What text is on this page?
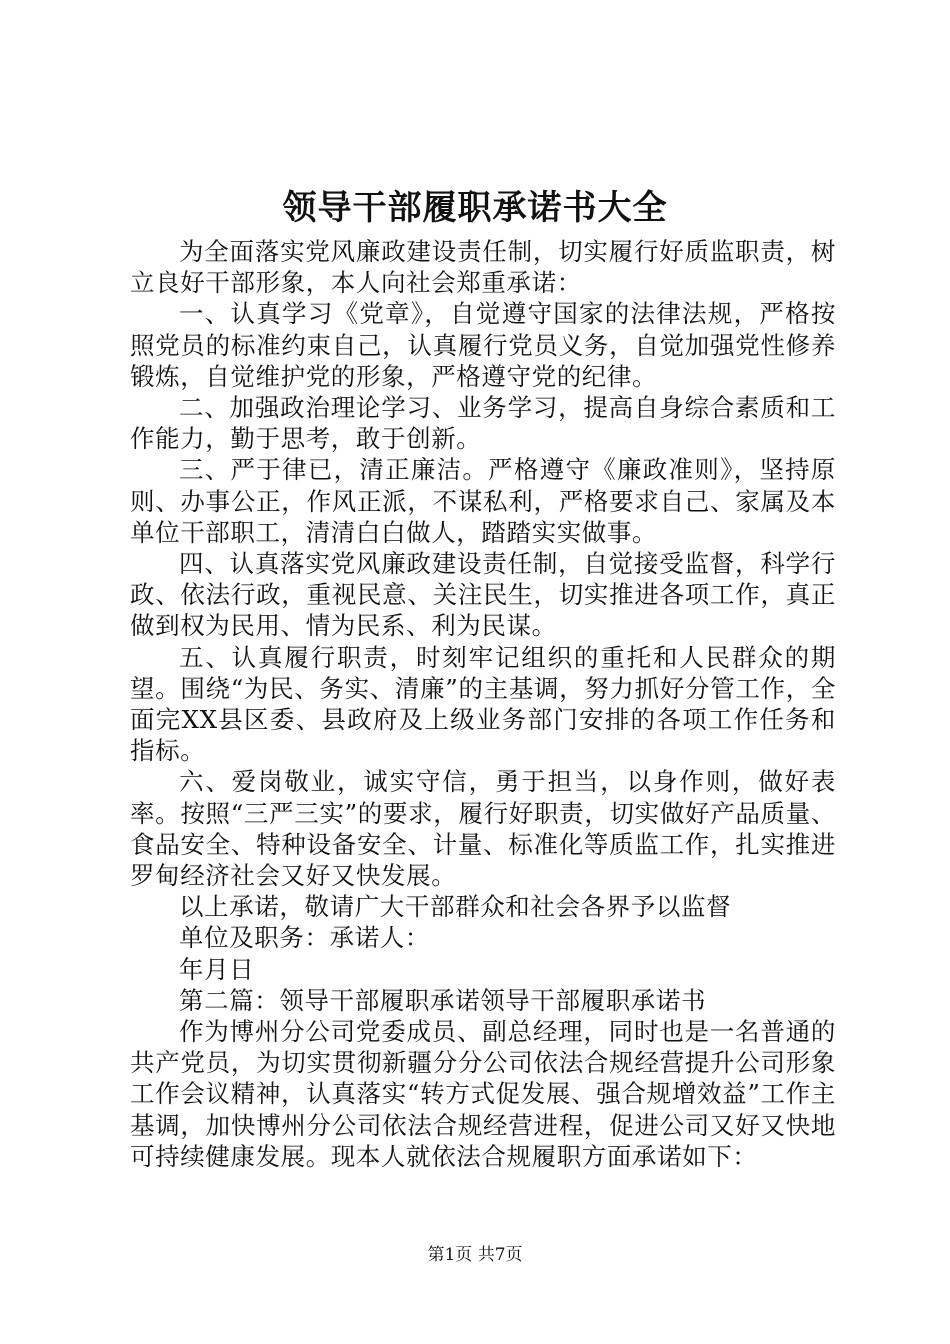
领导干部履职承诺书大全

为全面落实党风廉政建设责任制，切实履行好质监职责，树立良好干部形象，本人向社会郑重承诺：

一、认真学习《党章》，自觉遵守国家的法律法规，严格按照党员的标准约束自己，认真履行党员义务，自觉加强党性修养锻炼，自觉维护党的形象，严格遵守党的纪律。

二、加强政治理论学习、业务学习，提高自身综合素质和工作能力，勤于思考，敢于创新。

三、严于律已，清正廉洁。严格遵守《廉政准则》，坚持原则、办事公正，作风正派，不谋私利，严格要求自己、家属及本单位干部职工，清清白白做人，踏踏实实做事。

四、认真落实党风廉政建设责任制，自觉接受监督，科学行政、依法行政，重视民意、关注民生，切实推进各项工作，真正做到权为民用、情为民系、利为民谋。

五、认真履行职责，时刻牢记组织的重托和人民群众的期望。围绕“为民、务实、清廉”的主基调，努力抓好分管工作，全面完XX县区委、县政府及上级业务部门安排的各项工作任务和指标。

六、爱岗敬业，诚实守信，勇于担当，以身作则，做好表率。按照“三严三实”的要求，履行好职责，切实做好产品质量、食品安全、特种设备安全、计量、标准化等质监工作，扎实推进罗甸经济社会又好又快发展。

以上承诺，敬请广大干部群众和社会各界予以监督

单位及职务：承诺人：

年月日

第二篇：领导干部履职承诺领导干部履职承诺书

作为博州分公司党委成员、副总经理，同时也是一名普通的共产党员，为切实贯彻新疆分分公司依法合规经营提升公司形象工作会议精神，认真落实“转方式促发展、强合规增效益”工作主基调，加快博州分公司依法合规经营进程，促进公司又好又快地可持续健康发展。现本人就依法合规履职方面承诺如下：

第1页 共7页
